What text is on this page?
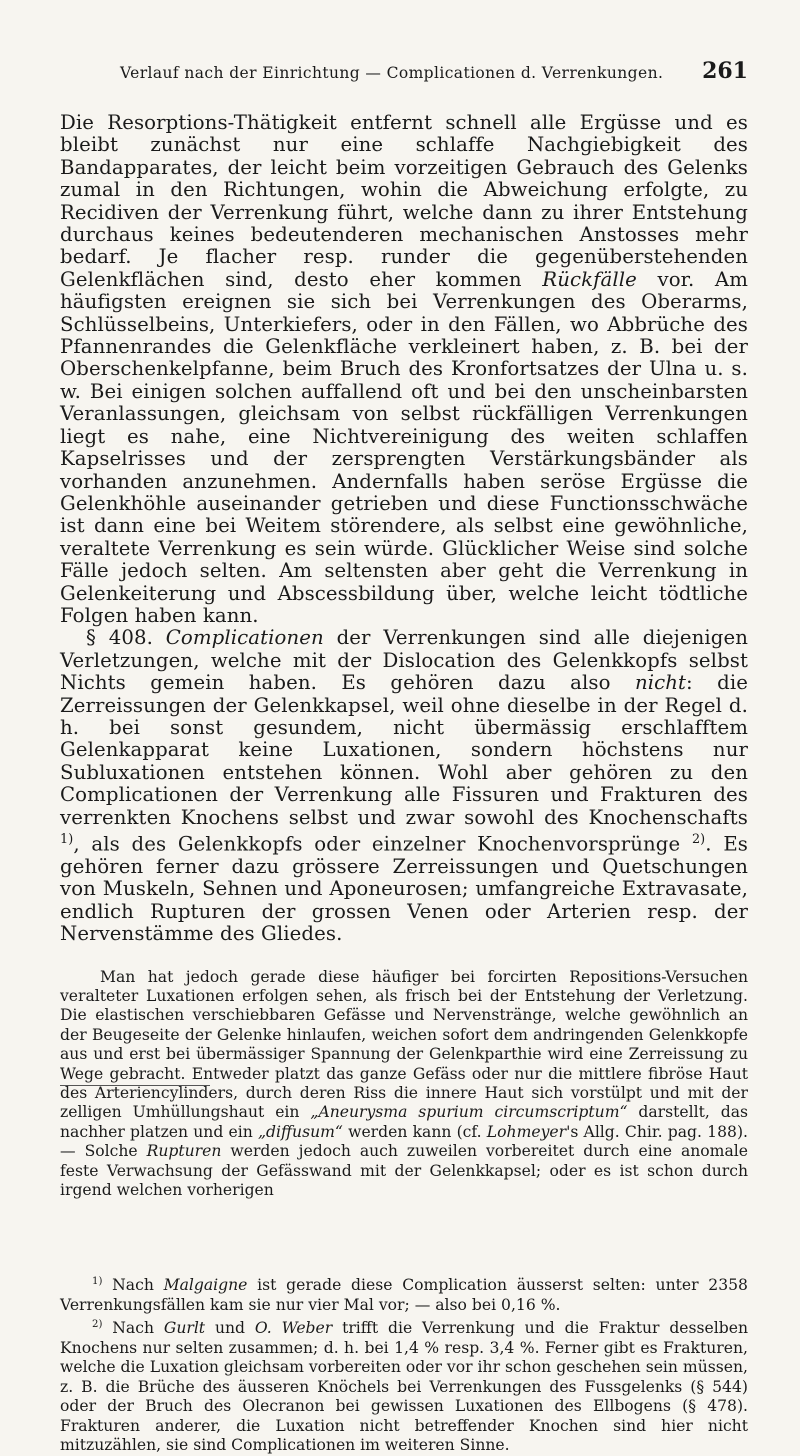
Verlauf nach der Einrichtung — Complicationen d. Verrenkungen. 261

Die Resorptions-Thätigkeit entfernt schnell alle Ergüsse und es bleibt zunächst nur eine schlaffe Nachgiebigkeit des Bandapparates, der leicht beim vorzeitigen Gebrauch des Gelenks zumal in den Richtungen, wohin die Abweichung erfolgte, zu Recidiven der Verrenkung führt, welche dann zu ihrer Entstehung durchaus keines bedeutenderen mechanischen Anstosses mehr bedarf. Je flacher resp. runder die gegenüberstehenden Gelenkflächen sind, desto eher kommen Rückfälle vor. Am häufigsten ereignen sie sich bei Verrenkungen des Oberarms, Schlüsselbeins, Unterkiefers, oder in den Fällen, wo Abbrüche des Pfannenrandes die Gelenkfläche verkleinert haben, z. B. bei der Oberschenkelpfanne, beim Bruch des Kronfortsatzes der Ulna u. s. w. Bei einigen solchen auffallend oft und bei den unscheinbarsten Veranlassungen, gleichsam von selbst rückfälligen Verrenkungen liegt es nahe, eine Nichtvereinigung des weiten schlaffen Kapselrisses und der zersprengten Verstärkungsbänder als vorhanden anzunehmen. Andernfalls haben seröse Ergüsse die Gelenkhöhle auseinander getrieben und diese Functionsschwäche ist dann eine bei Weitem störendere, als selbst eine gewöhnliche, veraltete Verrenkung es sein würde. Glücklicher Weise sind solche Fälle jedoch selten. Am seltensten aber geht die Verrenkung in Gelenkeiterung und Abscessbildung über, welche leicht tödtliche Folgen haben kann.

§ 408. Complicationen der Verrenkungen sind alle diejenigen Verletzungen, welche mit der Dislocation des Gelenkkopfs selbst Nichts gemein haben. Es gehören dazu also nicht: die Zerreissungen der Gelenkkapsel, weil ohne dieselbe in der Regel d. h. bei sonst gesundem, nicht übermässig erschlafftem Gelenkapparat keine Luxationen, sondern höchstens nur Subluxationen entstehen können. Wohl aber gehören zu den Complicationen der Verrenkung alle Fissuren und Frakturen des verrenkten Knochens selbst und zwar sowohl des Knochenschafts $^{1)}$, als des Gelenkkopfs oder einzelner Knochenvorsprünge $^{2)}$. Es gehören ferner dazu grössere Zerreissungen und Quetschungen von Muskeln, Sehnen und Aponeurosen; umfangreiche Extravasate, endlich Rupturen der grossen Venen oder Arterien resp. der Nervenstämme des Gliedes.

Man hat jedoch gerade diese häufiger bei forcirten Repositions-Versuchen veralteter Luxationen erfolgen sehen, als frisch bei der Entstehung der Verletzung. Die elastischen verschiebbaren Gefässe und Nervenstränge, welche gewöhnlich an der Beugeseite der Gelenke hinlaufen, weichen sofort dem andringenden Gelenkkopfe aus und erst bei übermässiger Spannung der Gelenkparthie wird eine Zerreissung zu Wege gebracht. Entweder platzt das ganze Gefäss oder nur die mittlere fibröse Haut des Arteriencylinders, durch deren Riss die innere Haut sich vorstülpt und mit der zelligen Umhüllungshaut ein „Aneurysma spurium circumscriptum“ darstellt, das nachher platzen und ein „diffusum“ werden kann (cf. Lohmeyer's Allg. Chir. pag. 188). — Solche Rupturen werden jedoch auch zuweilen vorbereitet durch eine anomale feste Verwachsung der Gefässwand mit der Gelenkkapsel; oder es ist schon durch irgend welchen vorherigen

$^{1)}$ Nach Malgaigne ist gerade diese Complication äusserst selten: unter 2358 Verrenkungsfällen kam sie nur vier Mal vor; — also bei 0,16 %.

$^{2)}$ Nach Gurlt und O. Weber trifft die Verrenkung und die Fraktur desselben Knochens nur selten zusammen; d. h. bei 1,4 % resp. 3,4 %. Ferner gibt es Frakturen, welche die Luxation gleichsam vorbereiten oder vor ihr schon geschehen sein müssen, z. B. die Brüche des äusseren Knöchels bei Verrenkungen des Fussgelenks (§ 544) oder der Bruch des Olecranon bei gewissen Luxationen des Ellbogens (§ 478). Frakturen anderer, die Luxation nicht betreffender Knochen sind hier nicht mitzuzählen, sie sind Complicationen im weiteren Sinne.
